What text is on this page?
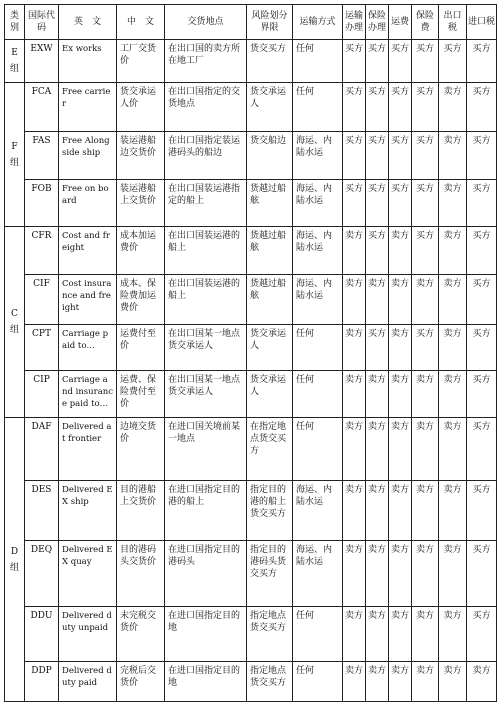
类别	国际代码	英　文	中　文	交货地点	风险划分界限	运输方式	运输办理	保险办理	运费	保险费	出口税	进口税

E
组	EXW	Ex works	工厂交货价	在出口国的卖方所在地工厂	货交买方	任何	买方	买方	买方	买方	买方	买方

F
组	FCA	Free carrier	货交承运人价	在出口国指定的交货地点	货交承运人	任何	买方	买方	买方	买方	卖方	买方
	FAS	Free Alongside ship	装运港船边交货价	在出口国指定装运港码头的船边	货交船边	海运、内陆水运	买方	买方	买方	买方	卖方	买方
	FOB	Free on board	装运港船上交货价	在出口国装运港指定的船上	货越过船舷	海运、内陆水运	买方	买方	买方	买方	卖方	买方

C
组	CFR	Cost and freight	成本加运费价	在出口国装运港的船上	货越过船舷	海运、内陆水运	卖方	买方	卖方	买方	卖方	买方
	CIF	Cost insurance and freight	成本、保险费加运费价	在出口国装运港的船上	货越过船舷	海运、内陆水运	卖方	卖方	卖方	卖方	卖方	买方
	CPT	Carriage paid to…	运费付至价	在出口国某一地点货交承运人	货交承运人	任何	卖方	买方	卖方	买方	卖方	买方
	CIP	Carriage and insurance paid to…	运费、保险费付至价	在出口国某一地点货交承运人	货交承运人	任何	卖方	卖方	卖方	卖方	卖方	买方

D
组	DAF	Delivered at frontier	边境交货价	在进口国关境前某一地点	在指定地点货交买方	任何	卖方	卖方	卖方	卖方	卖方	买方
	DES	Delivered EX ship	目的港船上交货价	在进口国指定目的港的船上	指定目的港的船上货交买方	海运、内陆水运	卖方	卖方	卖方	卖方	卖方	买方
	DEQ	Delivered EX quay	目的港码头交货价	在进口国指定目的港码头	指定目的港码头货交买方	海运、内陆水运	卖方	卖方	卖方	卖方	卖方	买方
	DDU	Delivered duty unpaid	未完税交货价	在进口国指定目的地	指定地点货交买方	任何	卖方	卖方	卖方	卖方	卖方	买方
	DDP	Delivered duty paid	完税后交货价	在进口国指定目的地	指定地点货交买方	任何	卖方	卖方	卖方	卖方	卖方	卖方
